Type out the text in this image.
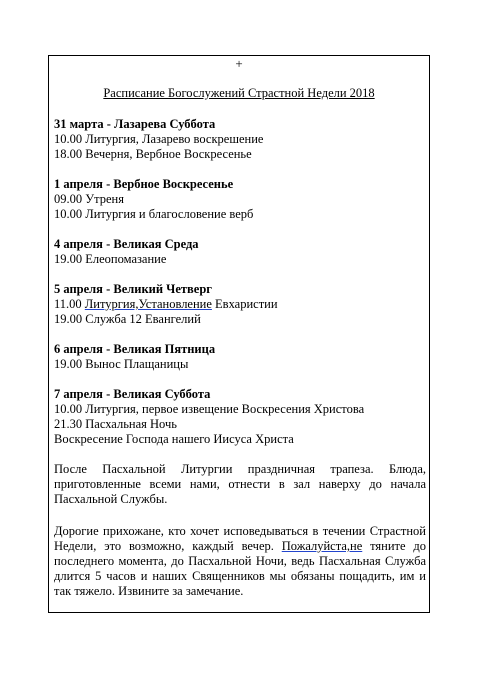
+
Расписание Богослужений Страстной Недели 2018
31 марта - Лазарева Суббота
10.00 Литургия, Лазарево воскрешение
18.00 Вечерня, Вербное Воскресенье
1 апреля - Вербное Воскресенье
09.00 Утреня
10.00 Литургия и благословение верб
4 апреля - Великая Среда
19.00 Елеопомазание
5 апреля - Великий Четверг
11.00 Литургия,Установление Евхаристии
19.00 Служба 12 Евангелий
6 апреля - Великая Пятница
19.00 Вынос Плащаницы
7 апреля - Великая Суббота
10.00 Литургия, первое извещение Воскресения Христова
21.30 Пасхальная Ночь
Воскресение Господа нашего Иисуса Христа
После Пасхальной Литургии праздничная трапеза. Блюда, приготовленные всеми нами, отнести в зал наверху до начала Пасхальной Службы.
Дорогие прихожане, кто хочет исповедываться в течении Страстной Недели, это возможно, каждый вечер. Пожалуйста,не тяните до последнего момента, до Пасхальной Ночи, ведь Пасхальная Служба длится 5 часов и наших Священников мы обязаны пощадить, им и так тяжело. Извините за замечание.
